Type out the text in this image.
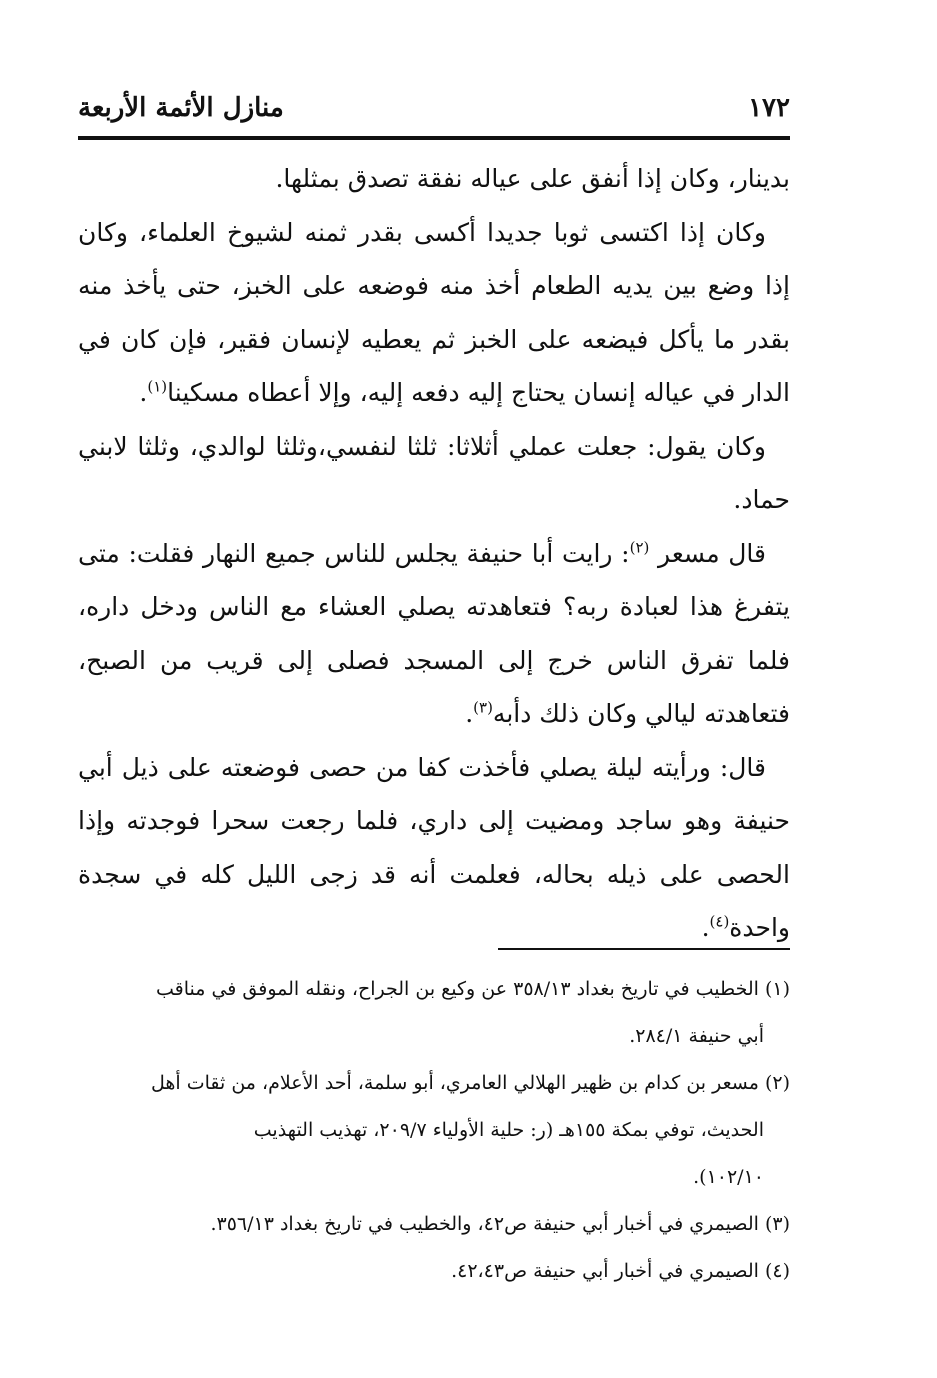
١٧٢
منازل الأئمة الأربعة

بدينار، وكان إذا أنفق على عياله نفقة تصدق بمثلها.

وكان إذا اكتسى ثوبا جديدا أكسى بقدر ثمنه لشيوخ العلماء، وكان إذا وضع بين يديه الطعام أخذ منه فوضعه على الخبز، حتى يأخذ منه بقدر ما يأكل فيضعه على الخبز ثم يعطيه لإنسان فقير، فإن كان في الدار في عياله إنسان يحتاج إليه دفعه إليه، وإلا أعطاه مسكينا$^{(١)}$.

وكان يقول: جعلت عملي أثلاثا: ثلثا لنفسي،وثلثا لوالدي، وثلثا لابني حماد.

قال مسعر $^{(٢)}$: رايت أبا حنيفة يجلس للناس جميع النهار فقلت: متى يتفرغ هذا لعبادة ربه؟ فتعاهدته يصلي العشاء مع الناس ودخل داره، فلما تفرق الناس خرج إلى المسجد فصلى إلى قريب من الصبح، فتعاهدته ليالي وكان ذلك دأبه$^{(٣)}$.

قال: ورأيته ليلة يصلي فأخذت كفا من حصى فوضعته على ذيل أبي حنيفة وهو ساجد ومضيت إلى داري، فلما رجعت سحرا فوجدته وإذا الحصى على ذيله بحاله، فعلمت أنه قد زجى الليل كله في سجدة واحدة$^{(٤)}$.

(١) الخطيب في تاريخ بغداد ٣٥٨/١٣ عن وكيع بن الجراح، ونقله الموفق في مناقب

أبي حنيفة ٢٨٤/١.

(٢) مسعر بن كدام بن ظهير الهلالي العامري، أبو سلمة، أحد الأعلام، من ثقات أهل

الحديث، توفي بمكة ١٥٥هـ (ر: حلية الأولياء ٢٠٩/٧، تهذيب التهذيب

١٠٢/١٠).

(٣) الصيمري في أخبار أبي حنيفة ص٤٢، والخطيب في تاريخ بغداد ٣٥٦/١٣.

(٤) الصيمري في أخبار أبي حنيفة ص٤٢،٤٣.
